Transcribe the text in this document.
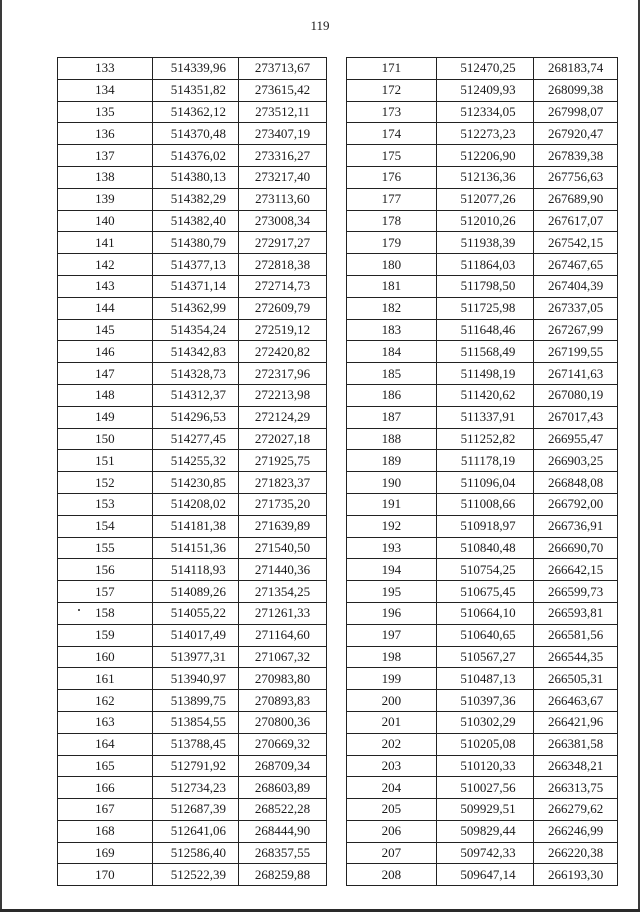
119
133	514339,96	273713,67
134	514351,82	273615,42
135	514362,12	273512,11
136	514370,48	273407,19
137	514376,02	273316,27
138	514380,13	273217,40
139	514382,29	273113,60
140	514382,40	273008,34
141	514380,79	272917,27
142	514377,13	272818,38
143	514371,14	272714,73
144	514362,99	272609,79
145	514354,24	272519,12
146	514342,83	272420,82
147	514328,73	272317,96
148	514312,37	272213,98
149	514296,53	272124,29
150	514277,45	272027,18
151	514255,32	271925,75
152	514230,85	271823,37
153	514208,02	271735,20
154	514181,38	271639,89
155	514151,36	271540,50
156	514118,93	271440,36
157	514089,26	271354,25
158	514055,22	271261,33
159	514017,49	271164,60
160	513977,31	271067,32
161	513940,97	270983,80
162	513899,75	270893,83
163	513854,55	270800,36
164	513788,45	270669,32
165	512791,92	268709,34
166	512734,23	268603,89
167	512687,39	268522,28
168	512641,06	268444,90
169	512586,40	268357,55
170	512522,39	268259,88
171	512470,25	268183,74
172	512409,93	268099,38
173	512334,05	267998,07
174	512273,23	267920,47
175	512206,90	267839,38
176	512136,36	267756,63
177	512077,26	267689,90
178	512010,26	267617,07
179	511938,39	267542,15
180	511864,03	267467,65
181	511798,50	267404,39
182	511725,98	267337,05
183	511648,46	267267,99
184	511568,49	267199,55
185	511498,19	267141,63
186	511420,62	267080,19
187	511337,91	267017,43
188	511252,82	266955,47
189	511178,19	266903,25
190	511096,04	266848,08
191	511008,66	266792,00
192	510918,97	266736,91
193	510840,48	266690,70
194	510754,25	266642,15
195	510675,45	266599,73
196	510664,10	266593,81
197	510640,65	266581,56
198	510567,27	266544,35
199	510487,13	266505,31
200	510397,36	266463,67
201	510302,29	266421,96
202	510205,08	266381,58
203	510120,33	266348,21
204	510027,56	266313,75
205	509929,51	266279,62
206	509829,44	266246,99
207	509742,33	266220,38
208	509647,14	266193,30
